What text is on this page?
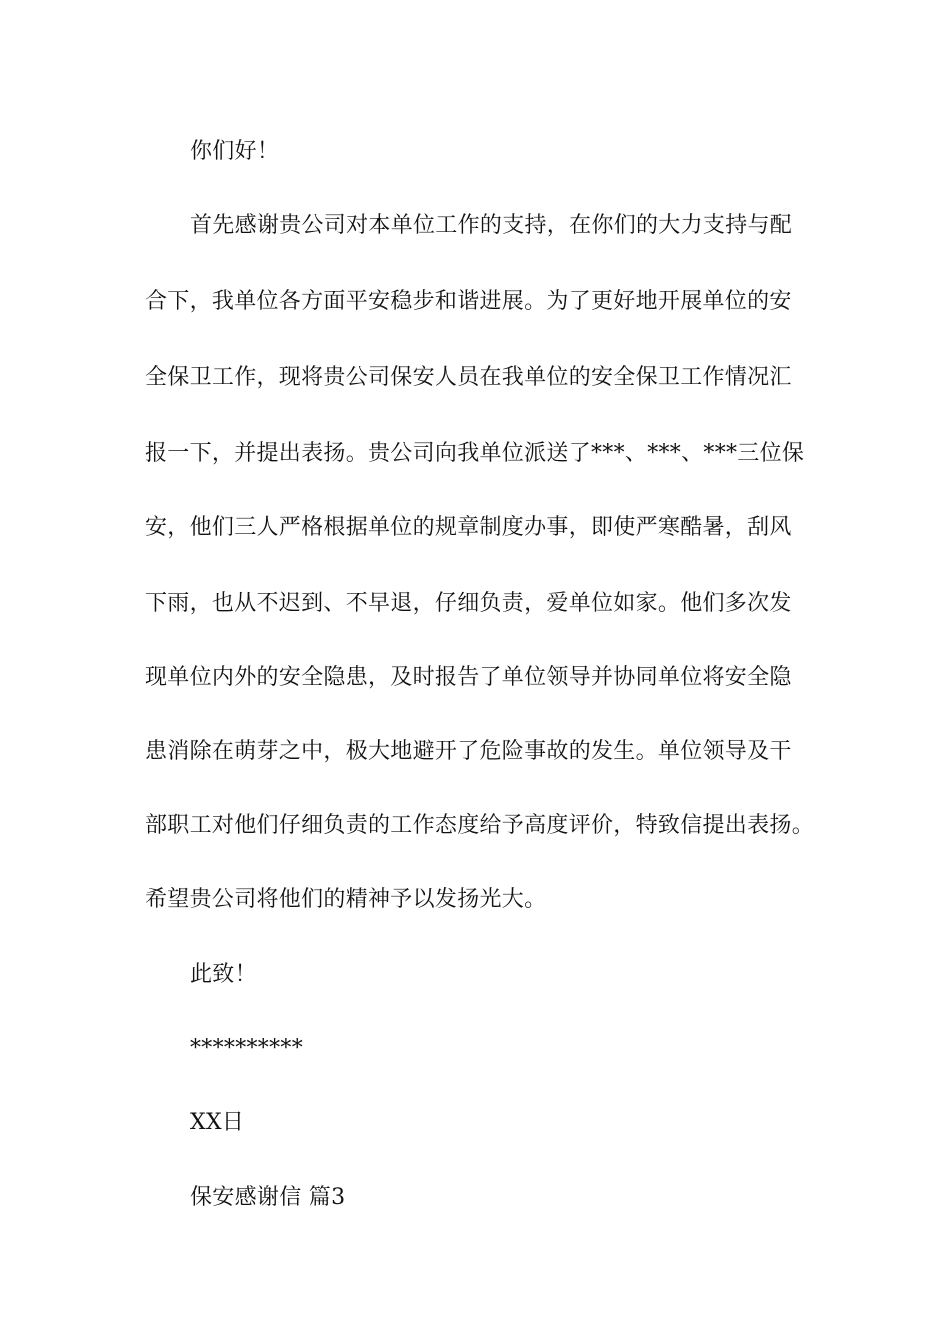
你们好！
首先感谢贵公司对本单位工作的支持，在你们的大力支持与配
合下，我单位各方面平安稳步和谐进展。为了更好地开展单位的安
全保卫工作，现将贵公司保安人员在我单位的安全保卫工作情况汇
报一下，并提出表扬。贵公司向我单位派送了***、***、***三位保
安，他们三人严格根据单位的规章制度办事，即使严寒酷暑，刮风
下雨，也从不迟到、不早退，仔细负责，爱单位如家。他们多次发
现单位内外的安全隐患，及时报告了单位领导并协同单位将安全隐
患消除在萌芽之中，极大地避开了危险事故的发生。单位领导及干
部职工对他们仔细负责的工作态度给予高度评价，特致信提出表扬。
希望贵公司将他们的精神予以发扬光大。
此致！
**********
XX日
保安感谢信 篇3
